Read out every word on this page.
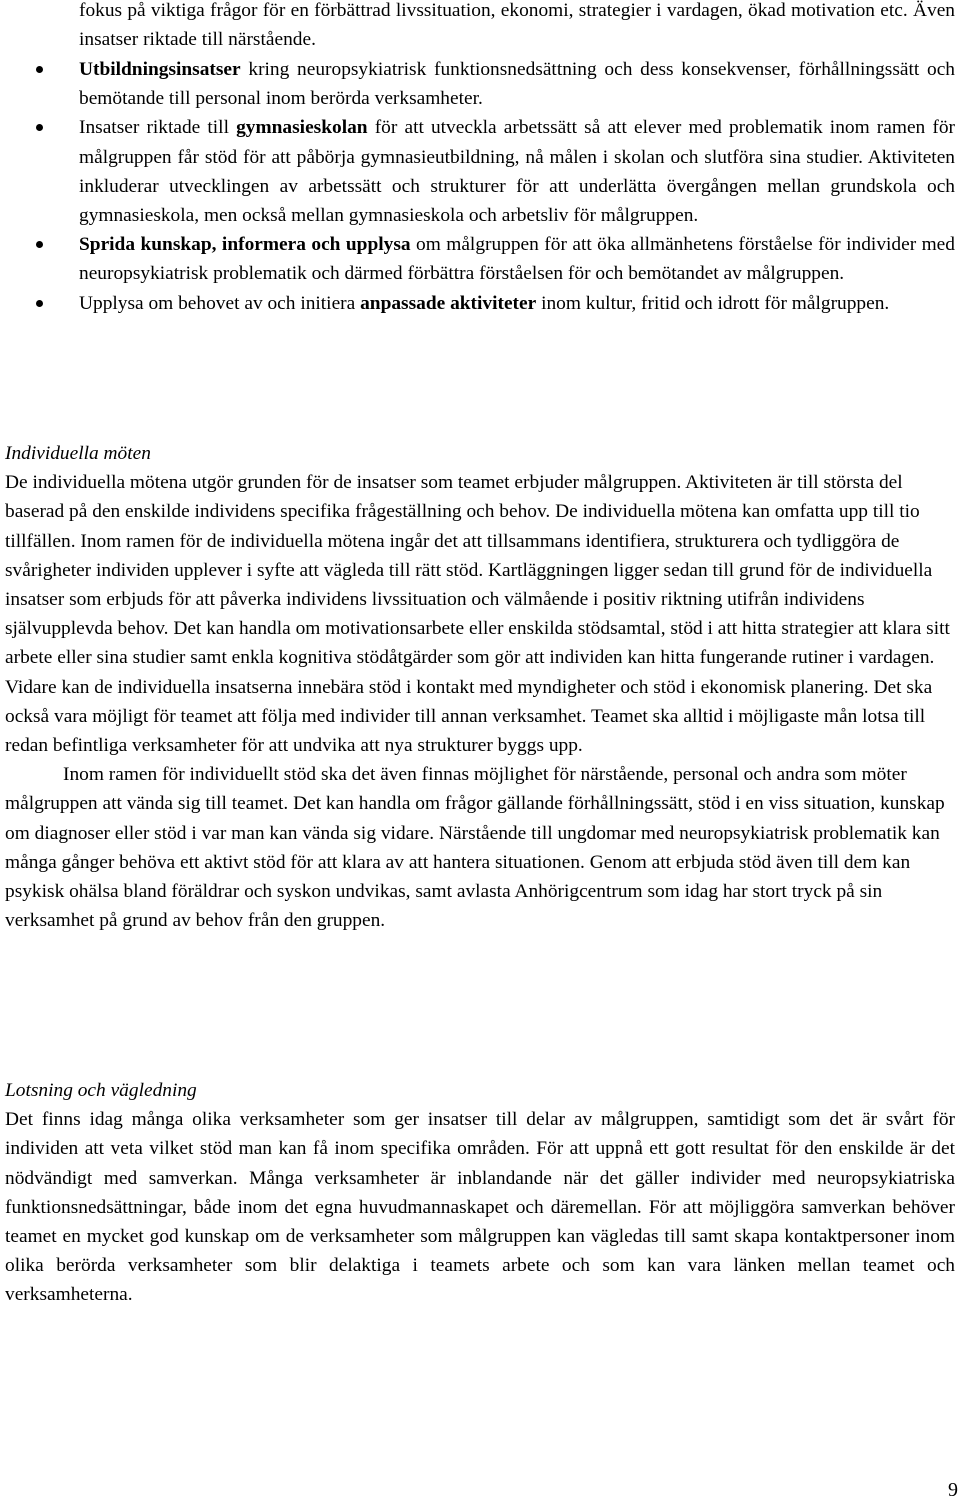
fokus på viktiga frågor för en förbättrad livssituation, ekonomi, strategier i vardagen, ökad motivation etc. Även insatser riktade till närstående.

Utbildningsinsatser kring neuropsykiatrisk funktionsnedsättning och dess konsekvenser, förhållningssätt och bemötande till personal inom berörda verksamheter.
Insatser riktade till gymnasieskolan för att utveckla arbetssätt så att elever med problematik inom ramen för målgruppen får stöd för att påbörja gymnasieutbildning, nå målen i skolan och slutföra sina studier. Aktiviteten inkluderar utvecklingen av arbetssätt och strukturer för att underlätta övergången mellan grundskola och gymnasieskola, men också mellan gymnasieskola och arbetsliv för målgruppen.
Sprida kunskap, informera och upplysa om målgruppen för att öka allmänhetens förståelse för individer med neuropsykiatrisk problematik och därmed förbättra förståelsen för och bemötandet av målgruppen.
Upplysa om behovet av och initiera anpassade aktiviteter inom kultur, fritid och idrott för målgruppen.

Individuella möten

De individuella mötena utgör grunden för de insatser som teamet erbjuder målgruppen. Aktiviteten är till största del baserad på den enskilde individens specifika frågeställning och behov. De individuella mötena kan omfatta upp till tio tillfällen. Inom ramen för de individuella mötena ingår det att tillsammans identifiera, strukturera och tydliggöra de svårigheter individen upplever i syfte att vägleda till rätt stöd. Kartläggningen ligger sedan till grund för de individuella insatser som erbjuds för att påverka individens livssituation och välmående i positiv riktning utifrån individens självupplevda behov. Det kan handla om motivationsarbete eller enskilda stödsamtal, stöd i att hitta strategier att klara sitt arbete eller sina studier samt enkla kognitiva stödåtgärder som gör att individen kan hitta fungerande rutiner i vardagen. Vidare kan de individuella insatserna innebära stöd i kontakt med myndigheter och stöd i ekonomisk planering. Det ska också vara möjligt för teamet att följa med individer till annan verksamhet. Teamet ska alltid i möjligaste mån lotsa till redan befintliga verksamheter för att undvika att nya strukturer byggs upp.

Inom ramen för individuellt stöd ska det även finnas möjlighet för närstående, personal och andra som möter målgruppen att vända sig till teamet. Det kan handla om frågor gällande förhållningssätt, stöd i en viss situation, kunskap om diagnoser eller stöd i var man kan vända sig vidare. Närstående till ungdomar med neuropsykiatrisk problematik kan många gånger behöva ett aktivt stöd för att klara av att hantera situationen. Genom att erbjuda stöd även till dem kan psykisk ohälsa bland föräldrar och syskon undvikas, samt avlasta Anhörigcentrum som idag har stort tryck på sin verksamhet på grund av behov från den gruppen.

Lotsning och vägledning

Det finns idag många olika verksamheter som ger insatser till delar av målgruppen, samtidigt som det är svårt för individen att veta vilket stöd man kan få inom specifika områden. För att uppnå ett gott resultat för den enskilde är det nödvändigt med samverkan. Många verksamheter är inblandande när det gäller individer med neuropsykiatriska funktionsnedsättningar, både inom det egna huvudmannaskapet och däremellan. För att möjliggöra samverkan behöver teamet en mycket god kunskap om de verksamheter som målgruppen kan vägledas till samt skapa kontaktpersoner inom olika berörda verksamheter som blir delaktiga i teamets arbete och som kan vara länken mellan teamet och verksamheterna.

9
